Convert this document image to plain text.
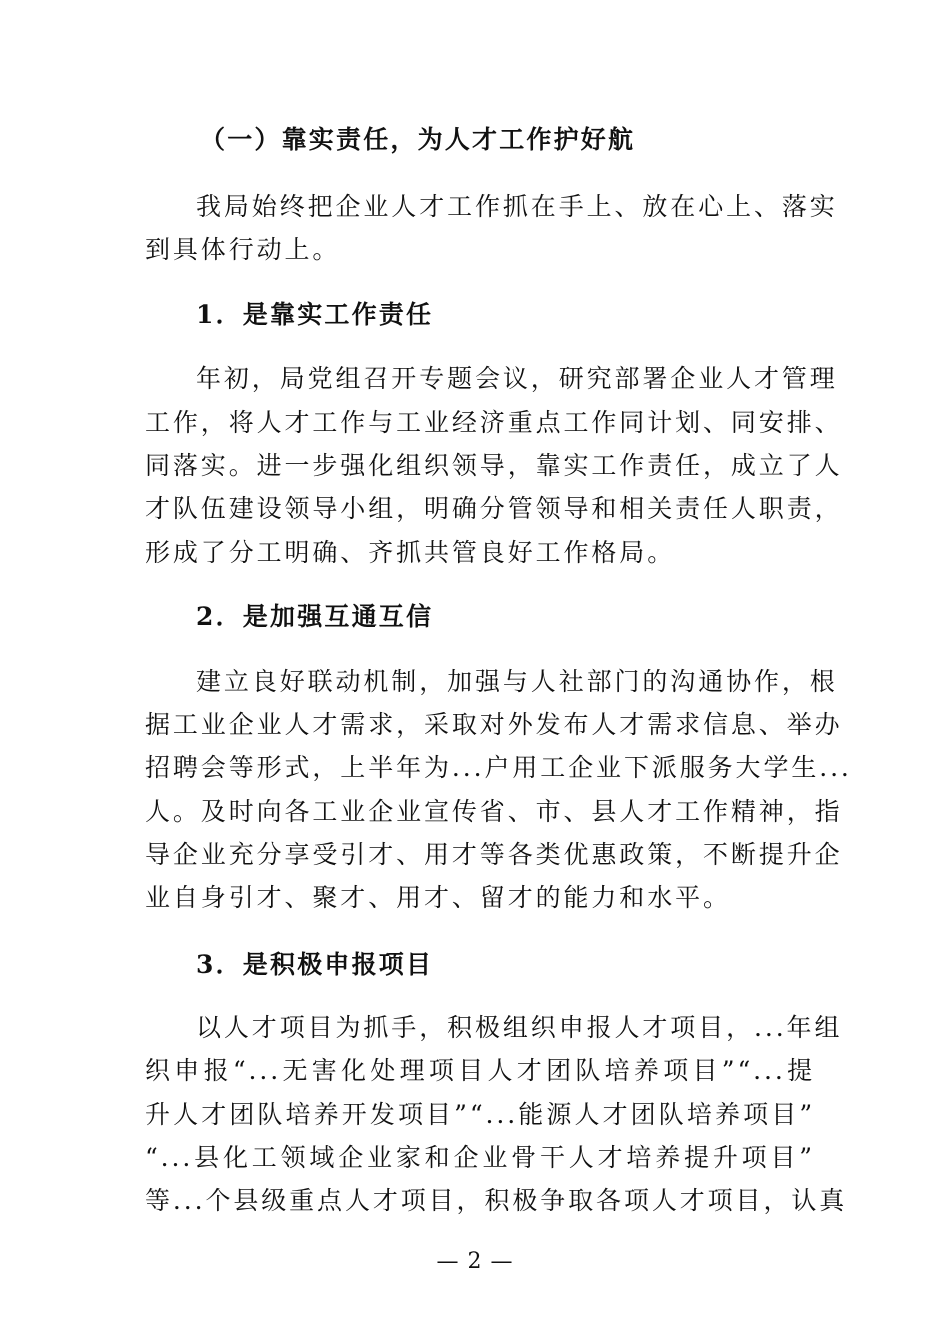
（一）靠实责任，为人才工作护好航
我局始终把企业人才工作抓在手上、放在心上、落实
到具体行动上。
1．是靠实工作责任
年初，局党组召开专题会议，研究部署企业人才管理
工作，将人才工作与工业经济重点工作同计划、同安排、
同落实。进一步强化组织领导，靠实工作责任，成立了人
才队伍建设领导小组，明确分管领导和相关责任人职责，
形成了分工明确、齐抓共管良好工作格局。
2．是加强互通互信
建立良好联动机制，加强与人社部门的沟通协作，根
据工业企业人才需求，采取对外发布人才需求信息、举办
招聘会等形式，上半年为...户用工企业下派服务大学生...
人。及时向各工业企业宣传省、市、县人才工作精神，指
导企业充分享受引才、用才等各类优惠政策，不断提升企
业自身引才、聚才、用才、留才的能力和水平。
3．是积极申报项目
以人才项目为抓手，积极组织申报人才项目，...年组
织申报“...无害化处理项目人才团队培养项目”“...提
升人才团队培养开发项目”“...能源人才团队培养项目”
“...县化工领域企业家和企业骨干人才培养提升项目”
等...个县级重点人才项目，积极争取各项人才项目，认真
— 2 —
